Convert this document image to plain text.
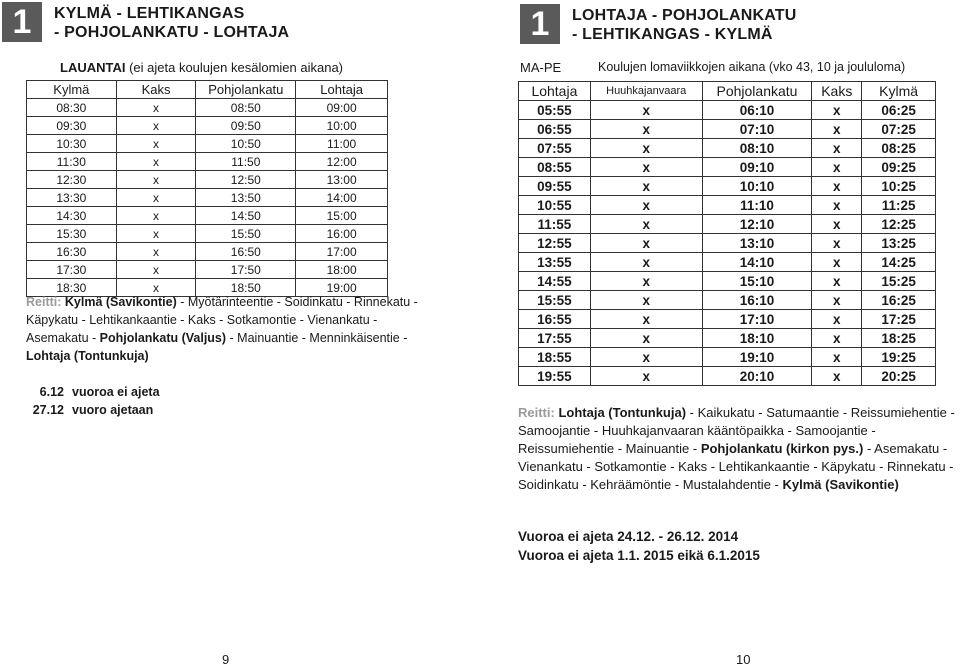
1	KYLMÄ - LEHTIKANGAS
- POHJOLANKATU - LOHTAJA
LAUANTAI (ei ajeta koulujen kesälomien aikana)
Kylmä	Kaks	Pohjolankatu	Lohtaja
08:30	x	08:50	09:00
09:30	x	09:50	10:00
10:30	x	10:50	11:00
11:30	x	11:50	12:00
12:30	x	12:50	13:00
13:30	x	13:50	14:00
14:30	x	14:50	15:00
15:30	x	15:50	16:00
16:30	x	16:50	17:00
17:30	x	17:50	18:00
18:30	x	18:50	19:00
Reitti: Kylmä (Savikontie) - Myötärinteentie - Soidinkatu - Rinnekatu - Käpykatu - Lehtikankaantie - Kaks - Sotkamontie - Vienankatu - Asemakatu - Pohjolankatu (Valjus) - Mainuantie - Menninkäisentie - Lohtaja (Tontunkuja)
6.12 vuoroa ei ajeta
27.12 vuoro ajetaan
9
1	LOHTAJA - POHJOLANKATU
- LEHTIKANGAS - KYLMÄ
MA-PE	Koulujen lomaviikkojen aikana (vko 43, 10 ja joululoma)
Lohtaja	Huuhkajanvaara	Pohjolankatu	Kaks	Kylmä
05:55	x	06:10	x	06:25
06:55	x	07:10	x	07:25
07:55	x	08:10	x	08:25
08:55	x	09:10	x	09:25
09:55	x	10:10	x	10:25
10:55	x	11:10	x	11:25
11:55	x	12:10	x	12:25
12:55	x	13:10	x	13:25
13:55	x	14:10	x	14:25
14:55	x	15:10	x	15:25
15:55	x	16:10	x	16:25
16:55	x	17:10	x	17:25
17:55	x	18:10	x	18:25
18:55	x	19:10	x	19:25
19:55	x	20:10	x	20:25
Reitti: Lohtaja (Tontunkuja) - Kaikukatu - Satumaantie - Reissumiehentie - Samoojantie - Huuhkajanvaaran kääntöpaikka - Samoojantie - Reissumiehentie - Mainuantie - Pohjolankatu (kirkon pys.) - Asemakatu - Vienankatu - Sotkamontie - Kaks - Lehtikankaantie - Käpykatu - Rinnekatu - Soidinkatu - Kehräämöntie - Mustalahdentie - Kylmä (Savikontie)
Vuoroa ei ajeta 24.12. - 26.12. 2014
Vuoroa ei ajeta 1.1. 2015 eikä 6.1.2015
10
